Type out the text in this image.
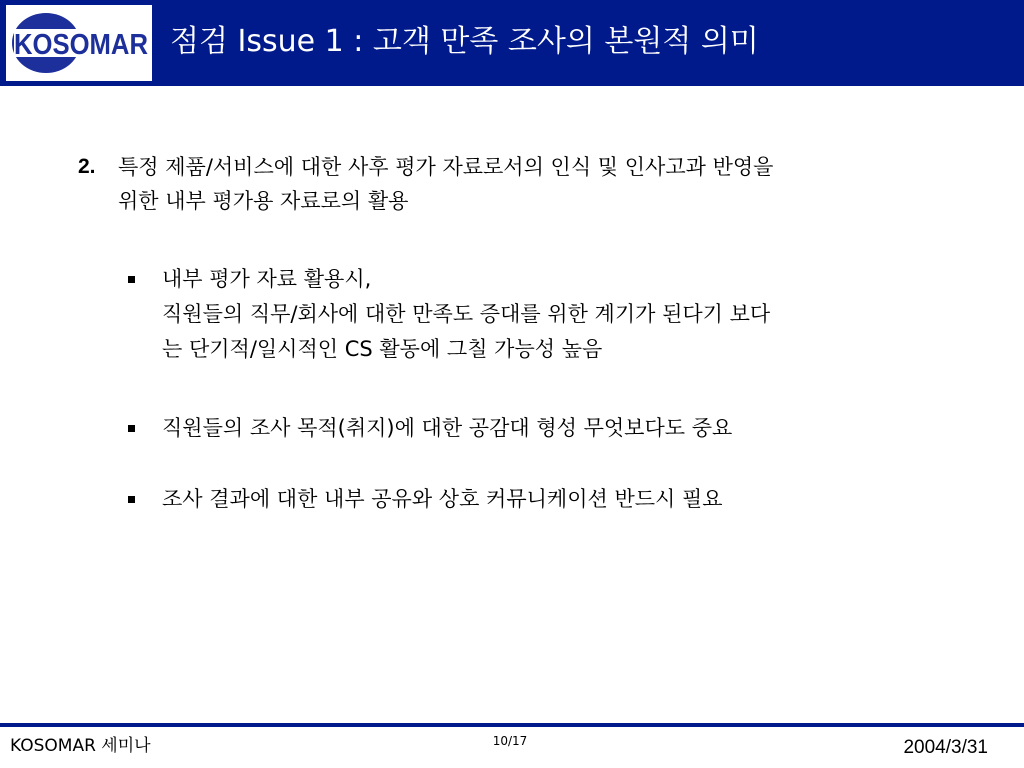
KOSOMAR 점검 Issue 1 : 고객 만족 조사의 본원적 의미
2. 특정 제품/서비스에 대한 사후 평가 자료로서의 인식 및 인사고과 반영을
위한 내부 평가용 자료로의 활용
내부 평가 자료 활용시,
직원들의 직무/회사에 대한 만족도 증대를 위한 계기가 된다기 보다
는 단기적/일시적인 CS 활동에 그칠 가능성 높음
직원들의 조사 목적(취지)에 대한 공감대 형성 무엇보다도 중요
조사 결과에 대한 내부 공유와 상호 커뮤니케이션 반드시 필요
KOSOMAR 세미나	10/17	2004/3/31
